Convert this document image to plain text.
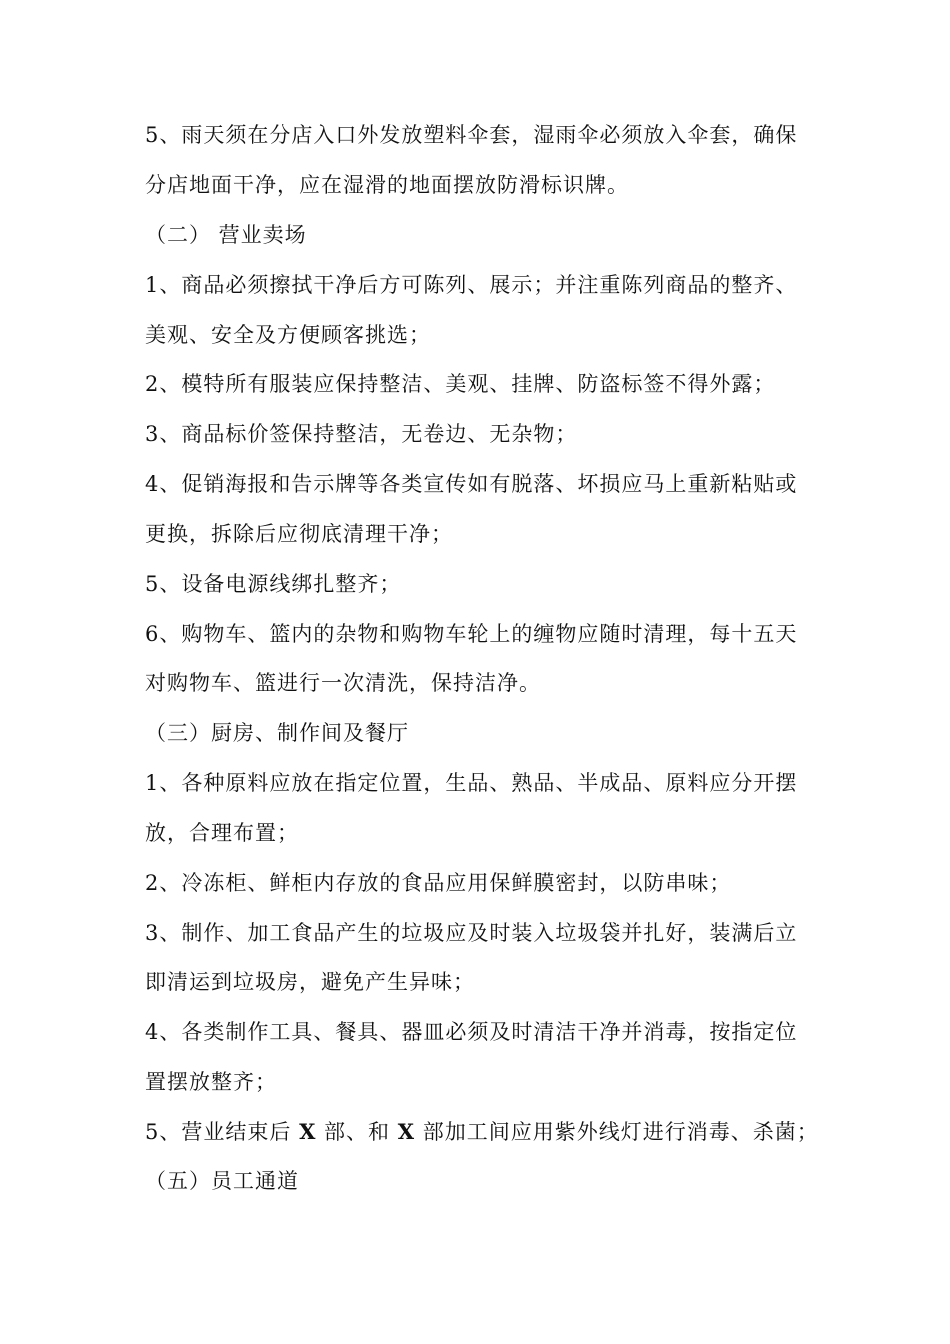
5、雨天须在分店入口外发放塑料伞套，湿雨伞必须放入伞套，确保
分店地面干净，应在湿滑的地面摆放防滑标识牌。
（二） 营业卖场
1、商品必须擦拭干净后方可陈列、展示；并注重陈列商品的整齐、
美观、安全及方便顾客挑选；
2、模特所有服装应保持整洁、美观、挂牌、防盗标签不得外露；
3、商品标价签保持整洁，无卷边、无杂物；
4、促销海报和告示牌等各类宣传如有脱落、坏损应马上重新粘贴或
更换，拆除后应彻底清理干净；
5、设备电源线绑扎整齐；
6、购物车、篮内的杂物和购物车轮上的缠物应随时清理，每十五天
对购物车、篮进行一次清洗，保持洁净。
（三）厨房、制作间及餐厅
1、各种原料应放在指定位置，生品、熟品、半成品、原料应分开摆
放，合理布置；
2、冷冻柜、鲜柜内存放的食品应用保鲜膜密封，以防串味；
3、制作、加工食品产生的垃圾应及时装入垃圾袋并扎好，装满后立
即清运到垃圾房，避免产生异味；
4、各类制作工具、餐具、器皿必须及时清洁干净并消毒，按指定位
置摆放整齐；
5、营业结束后 X 部、和 X 部加工间应用紫外线灯进行消毒、杀菌；
（五）员工通道
